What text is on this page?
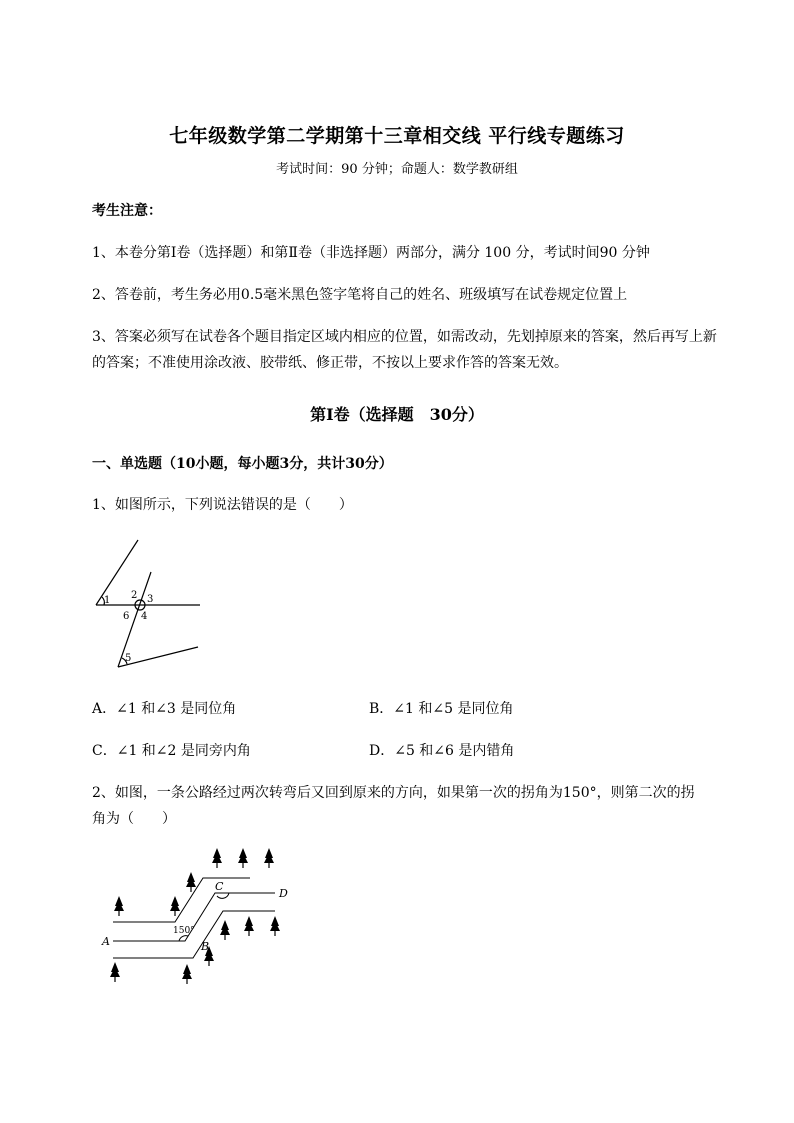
七年级数学第二学期第十三章相交线 平行线专题练习
考试时间：90 分钟；命题人：数学教研组
考生注意：
1、本卷分第Ⅰ卷（选择题）和第Ⅱ卷（非选择题）两部分，满分 100 分，考试时间90 分钟
2、答卷前，考生务必用0.5毫米黑色签字笔将自己的姓名、班级填写在试卷规定位置上
3、答案必须写在试卷各个题目指定区域内相应的位置，如需改动，先划掉原来的答案，然后再写上新
的答案；不准使用涂改液、胶带纸、修正带，不按以上要求作答的答案无效。
第Ⅰ卷（选择题　30分）
一、单选题（10小题，每小题3分，共计30分）
1、如图所示，下列说法错误的是（　　）
1 2 3
6 4
5
A．∠1 和∠3 是同位角	B．∠1 和∠5 是同位角
C．∠1 和∠2 是同旁内角	D．∠5 和∠6 是内错角
2、如图，一条公路经过两次转弯后又回到原来的方向，如果第一次的拐角为150°，则第二次的拐
角为（　　）
A	B
C
D
150°
